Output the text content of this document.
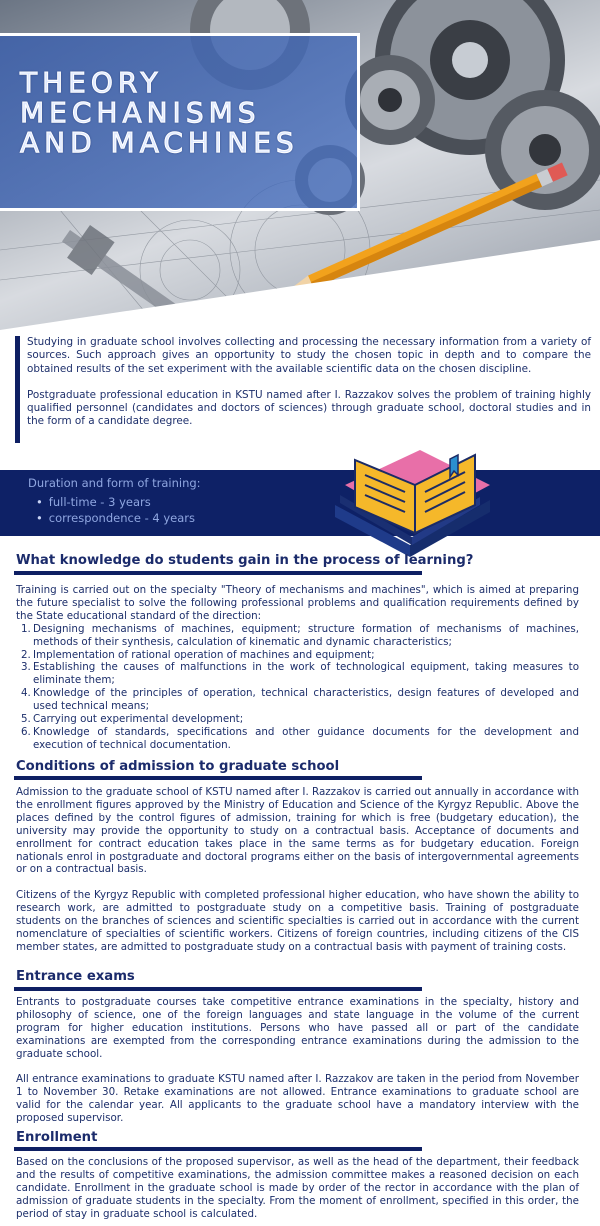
THEORY
MECHANISMS
AND MACHINES

Studying in graduate school involves collecting and processing the necessary information from a variety of sources. Such approach gives an opportunity to study the chosen topic in depth and to compare the obtained results of the set experiment with the available scientific data on the chosen discipline.

Postgraduate professional education in KSTU named after I. Razzakov solves the problem of training highly qualified personnel (candidates and doctors of sciences) through graduate school, doctoral studies and in the form of a candidate degree.

Duration and form of training:
• full-time - 3 years
• correspondence - 4 years
What knowledge do students gain in the process of learning?

Training is carried out on the specialty "Theory of mechanisms and machines", which is aimed at preparing the future specialist to solve the following professional problems and qualification requirements defined by the State educational standard of the direction:

1. Designing mechanisms of machines, equipment; structure formation of mechanisms of machines, methods of their synthesis, calculation of kinematic and dynamic characteristics;
2. Implementation of rational operation of machines and equipment;
3. Establishing the causes of malfunctions in the work of technological equipment, taking measures to eliminate them;
4. Knowledge of the principles of operation, technical characteristics, design features of developed and used technical means;
5. Carrying out experimental development;
6. Knowledge of standards, specifications and other guidance documents for the development and execution of technical documentation.
Conditions of admission to graduate school

Admission to the graduate school of KSTU named after I. Razzakov is carried out annually in accordance with the enrollment figures approved by the Ministry of Education and Science of the Kyrgyz Republic. Above the places defined by the control figures of admission, training for which is free (budgetary education), the university may provide the opportunity to study on a contractual basis. Acceptance of documents and enrollment for contract education takes place in the same terms as for budgetary education. Foreign nationals enrol in postgraduate and doctoral programs either on the basis of intergovernmental agreements or on a contractual basis.

Citizens of the Kyrgyz Republic with completed professional higher education, who have shown the ability to research work, are admitted to postgraduate study on a competitive basis. Training of postgraduate students on the branches of sciences and scientific specialties is carried out in accordance with the current nomenclature of specialties of scientific workers. Citizens of foreign countries, including citizens of the CIS member states, are admitted to postgraduate study on a contractual basis with payment of training costs.

Entrance exams

Entrants to postgraduate courses take competitive entrance examinations in the specialty, history and philosophy of science, one of the foreign languages and state language in the volume of the current program for higher education institutions. Persons who have passed all or part of the candidate examinations are exempted from the corresponding entrance examinations during the admission to the graduate school.

All entrance examinations to graduate KSTU named after I. Razzakov are taken in the period from November 1 to November 30. Retake examinations are not allowed. Entrance examinations to graduate school are valid for the calendar year. All applicants to the graduate school have a mandatory interview with the proposed supervisor.

Enrollment

Based on the conclusions of the proposed supervisor, as well as the head of the department, their feedback and the results of competitive examinations, the admission committee makes a reasoned decision on each candidate. Enrollment in the graduate school is made by order of the rector in accordance with the plan of admission of graduate students in the specialty. From the moment of enrollment, specified in this order, the period of stay in graduate school is calculated.
